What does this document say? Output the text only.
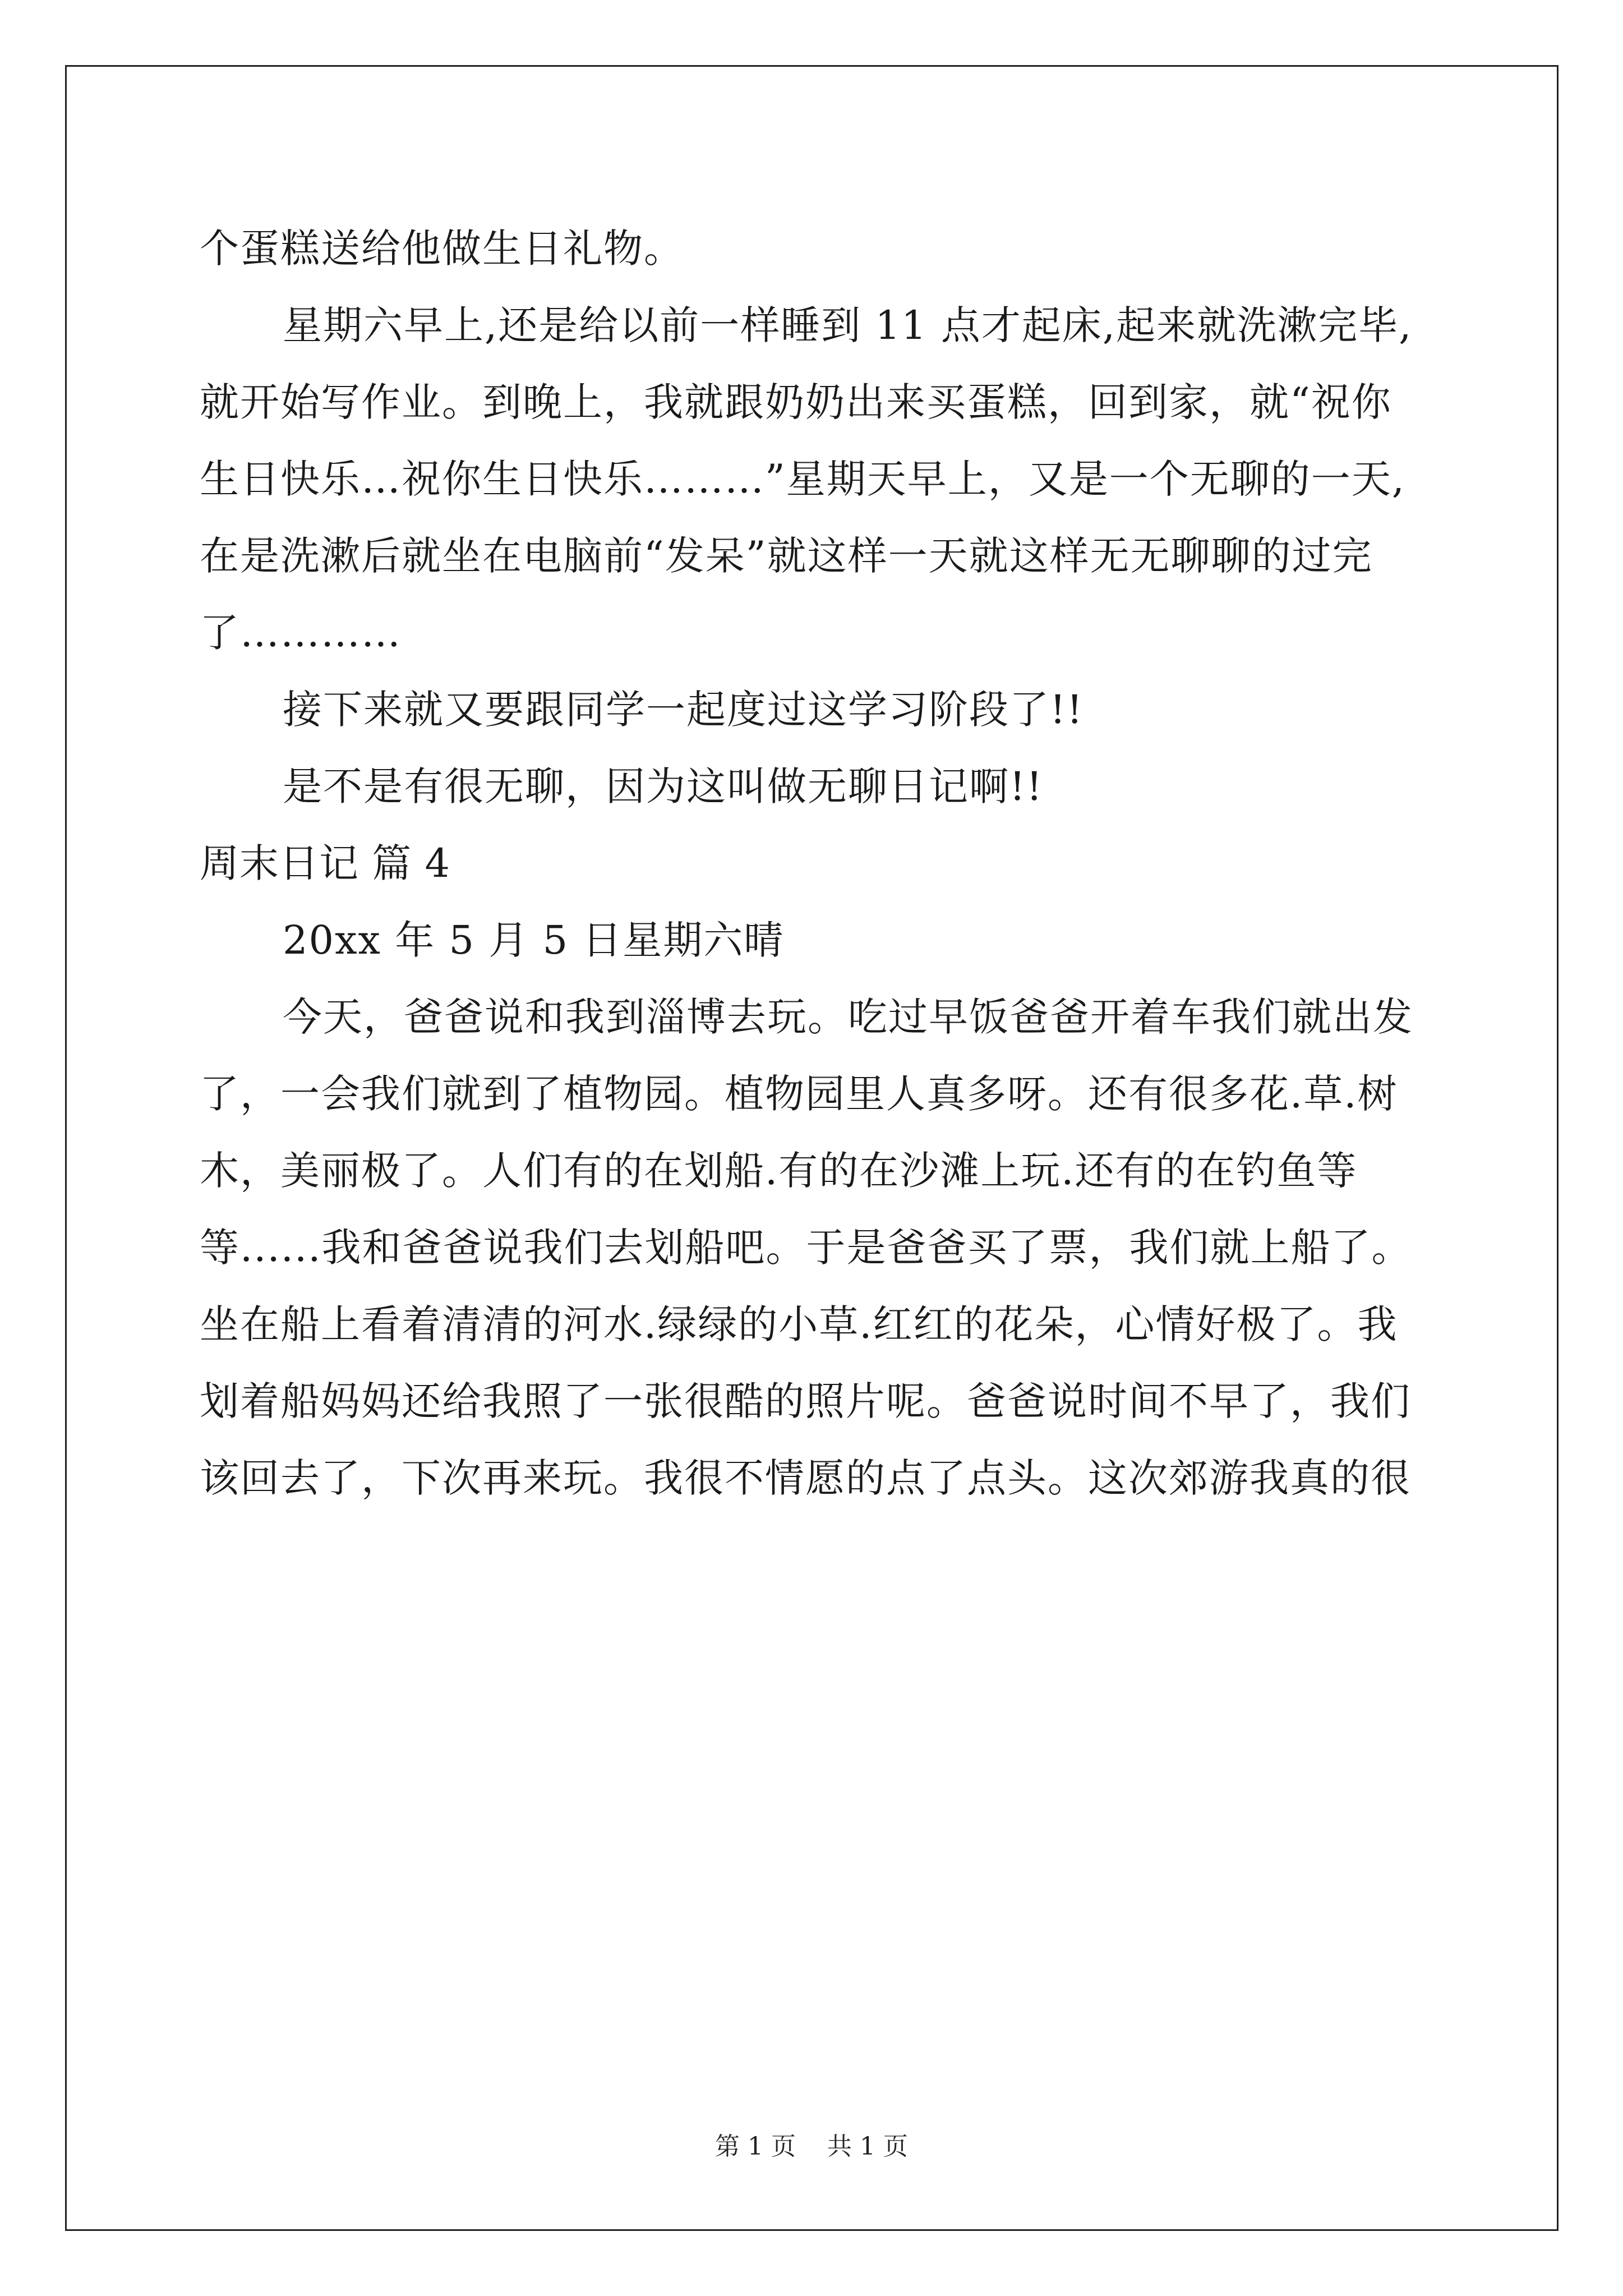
个蛋糕送给他做生日礼物。
星期六早上,还是给以前一样睡到 11 点才起床,起来就洗漱完毕,
就开始写作业。到晚上，我就跟奶奶出来买蛋糕，回到家，就“祝你
生日快乐…祝你生日快乐………”星期天早上，又是一个无聊的一天,
在是洗漱后就坐在电脑前“发呆”就这样一天就这样无无聊聊的过完
了…………
接下来就又要跟同学一起度过这学习阶段了!!
是不是有很无聊，因为这叫做无聊日记啊!!
周末日记 篇 4
20xx 年 5 月 5 日星期六晴
今天，爸爸说和我到淄博去玩。吃过早饭爸爸开着车我们就出发
了，一会我们就到了植物园。植物园里人真多呀。还有很多花.草.树
木，美丽极了。人们有的在划船.有的在沙滩上玩.还有的在钓鱼等
等......我和爸爸说我们去划船吧。于是爸爸买了票，我们就上船了。
坐在船上看着清清的河水.绿绿的小草.红红的花朵，心情好极了。我
划着船妈妈还给我照了一张很酷的照片呢。爸爸说时间不早了，我们
该回去了，下次再来玩。我很不情愿的点了点头。这次郊游我真的很
第 1 页    共 1 页
